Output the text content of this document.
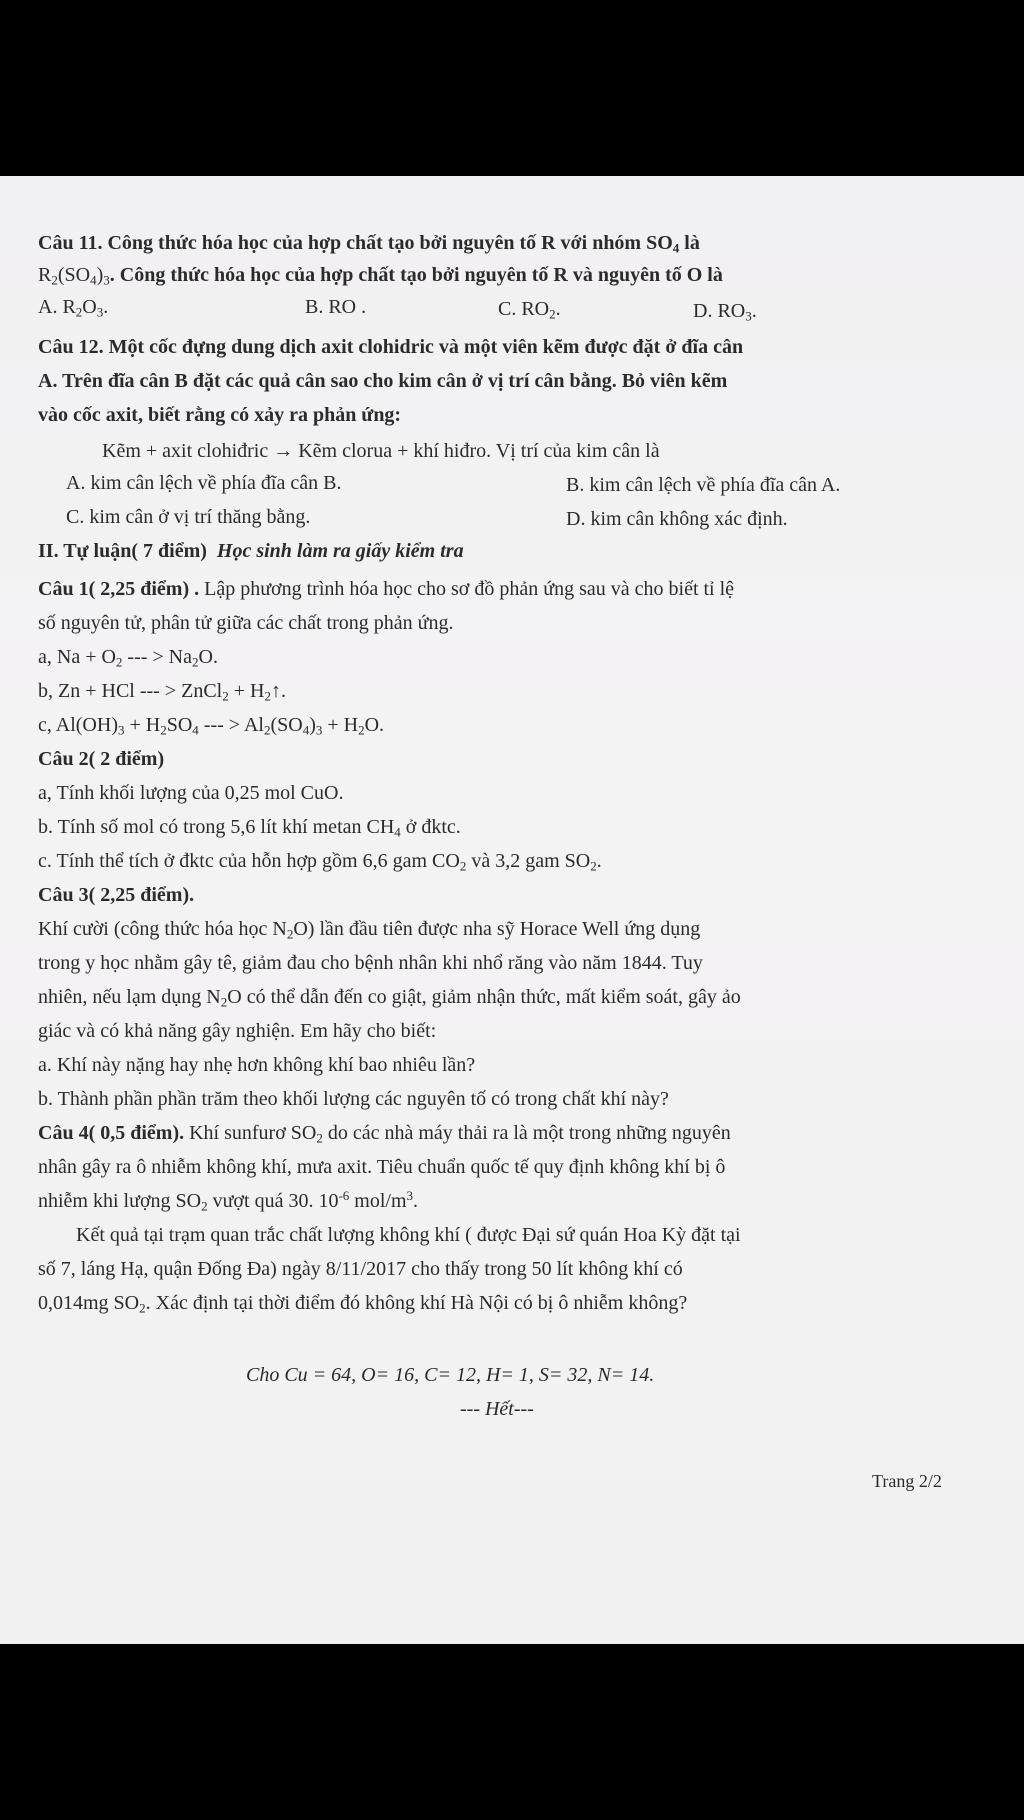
Câu 11. Công thức hóa học của hợp chất tạo bởi nguyên tố R với nhóm $SO_4$ là
$R_2(SO_4)_3$. Công thức hóa học của hợp chất tạo bởi nguyên tố R và nguyên tố O là
A. $R_2O_3$.	B. RO .	C. $RO_2$.	D. $RO_3$.
Câu 12. Một cốc đựng dung dịch axit clohidric và một viên kẽm được đặt ở đĩa cân
A. Trên đĩa cân B đặt các quả cân sao cho kim cân ở vị trí cân bằng. Bỏ viên kẽm
vào cốc axit, biết rằng có xảy ra phản ứng:
Kẽm + axit clohiđric → Kẽm clorua + khí hiđro. Vị trí của kim cân là
A. kim cân lệch về phía đĩa cân B.	B. kim cân lệch về phía đĩa cân A.
C. kim cân ở vị trí thăng bằng.	D. kim cân không xác định.
II. Tự luận( 7 điểm) Học sinh làm ra giấy kiểm tra
Câu 1( 2,25 điểm) . Lập phương trình hóa học cho sơ đồ phản ứng sau và cho biết tỉ lệ
số nguyên tử, phân tử giữa các chất trong phản ứng.
a, $Na + O_2$ --- > $Na_2O$.
b, Zn + HCl --- > ZnCl$_2$ + $H_2↑$.
c, $Al(OH)_3 + H_2SO_4$ --- > $Al_2(SO_4)_3 + H_2O$.
Câu 2( 2 điểm)
a, Tính khối lượng của 0,25 mol CuO.
b. Tính số mol có trong 5,6 lít khí metan $CH_4$ ở đktc.
c. Tính thể tích ở đktc của hỗn hợp gồm 6,6 gam $CO_2$ và 3,2 gam $SO_2$.
Câu 3( 2,25 điểm).
Khí cười (công thức hóa học $N_2O$) lần đầu tiên được nha sỹ Horace Well ứng dụng
trong y học nhằm gây tê, giảm đau cho bệnh nhân khi nhổ răng vào năm 1844. Tuy
nhiên, nếu lạm dụng $N_2O$ có thể dẫn đến co giật, giảm nhận thức, mất kiểm soát, gây ảo
giác và có khả năng gây nghiện. Em hãy cho biết:
a. Khí này nặng hay nhẹ hơn không khí bao nhiêu lần?
b. Thành phần phần trăm theo khối lượng các nguyên tố có trong chất khí này?
Câu 4( 0,5 điểm). Khí sunfurơ $SO_2$ do các nhà máy thải ra là một trong những nguyên
nhân gây ra ô nhiễm không khí, mưa axit. Tiêu chuẩn quốc tế quy định không khí bị ô
nhiễm khi lượng $SO_2$ vượt quá 30. $10^{-6}$ mol/$m^3$.
Kết quả tại trạm quan trắc chất lượng không khí ( được Đại sứ quán Hoa Kỳ đặt tại
số 7, láng Hạ, quận Đống Đa) ngày 8/11/2017 cho thấy trong 50 lít không khí có
0,014mg $SO_2$. Xác định tại thời điểm đó không khí Hà Nội có bị ô nhiễm không?
Cho Cu = 64, O= 16, C= 12, H= 1, S= 32, N= 14.
--- Hết---
Trang 2/2
